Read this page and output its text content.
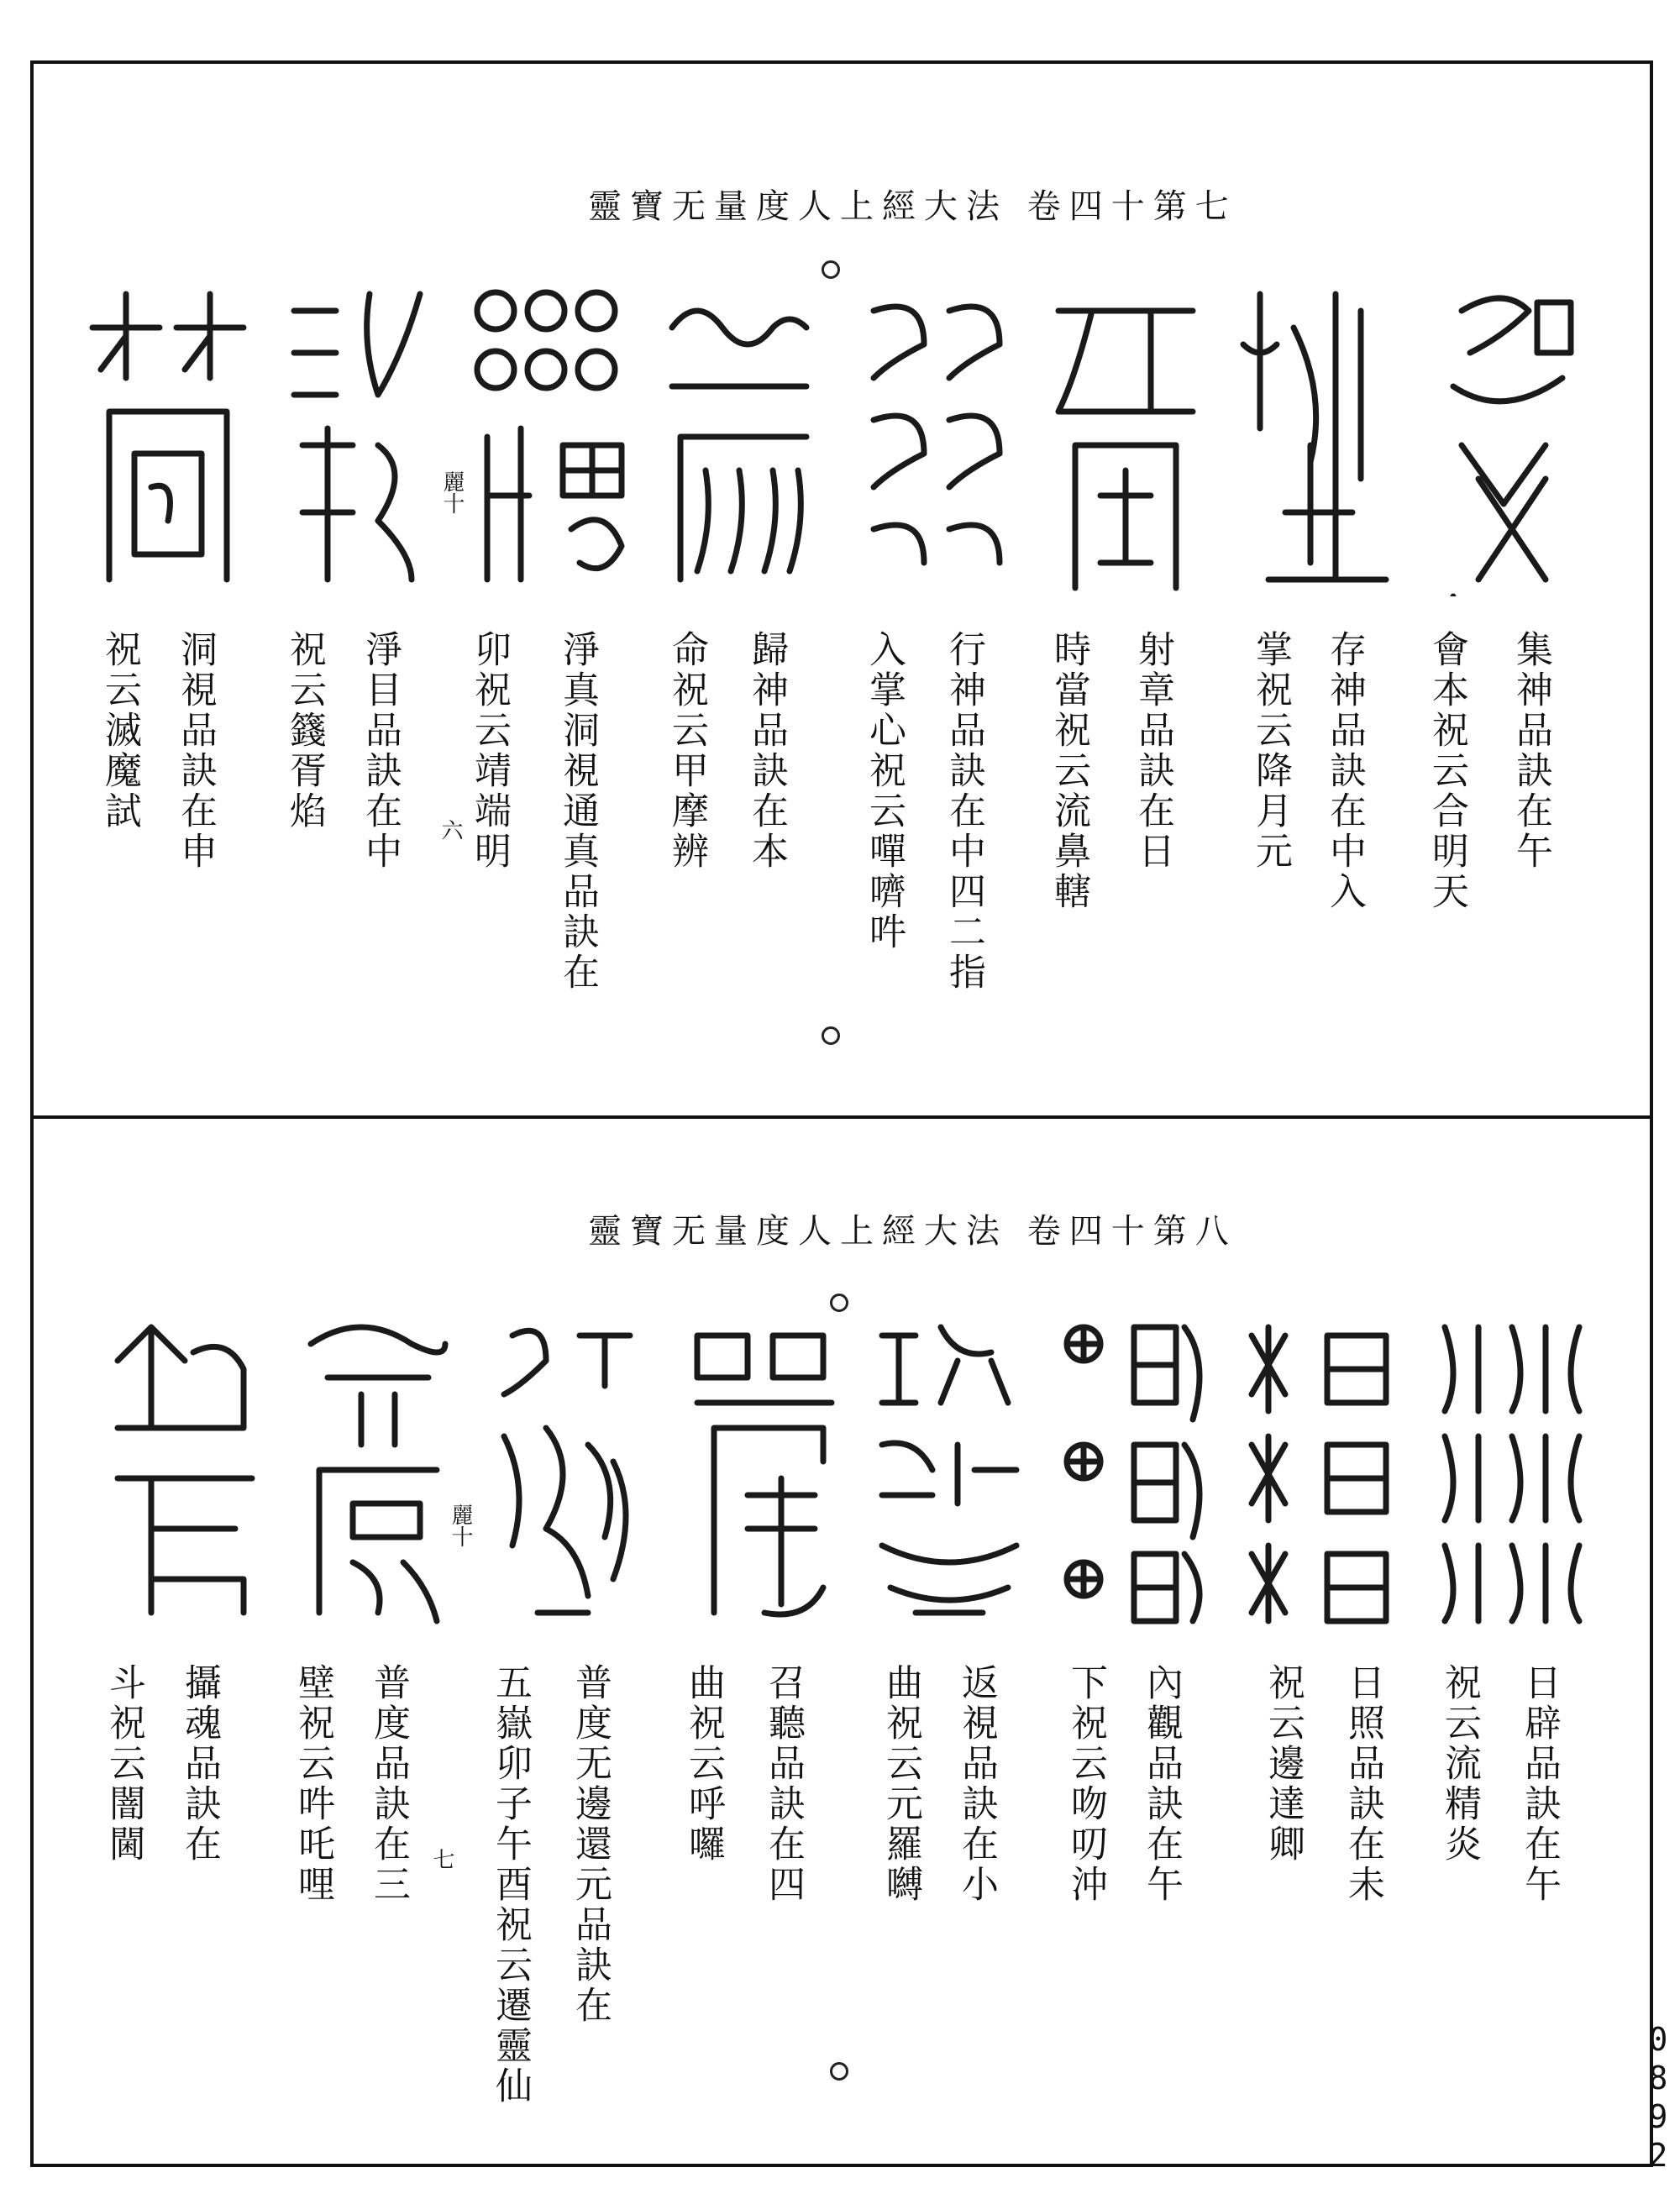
靈寶无量度人上經大法 卷四十第七
麗十
集神品訣在午
會本祝云合明天
存神品訣在中入
掌祝云降月元
射章品訣在日
時當祝云流鼻轄
行神品訣在中四二指
入掌心祝云嘽嚌吽
歸神品訣在本
命祝云甲摩辨
淨真洞視通真品訣在
卯祝云靖端明
淨目品訣在中
祝云籛胥焰
洞視品訣在申
祝云滅魔試	六
靈寶无量度人上經大法 卷四十第八
麗十
日辟品訣在午
祝云流精炎
日照品訣在未
祝云邊達卿
內觀品訣在午
下祝云吻叨沖
返視品訣在小
曲祝云元羅嚩
召聽品訣在四
曲祝云呼囉
普度无邊還元品訣在
五嶽卯子午酉祝云遷靈仙
普度品訣在三
壁祝云吽吒哩
攝魂品訣在
斗祝云闇閫	七
0892
